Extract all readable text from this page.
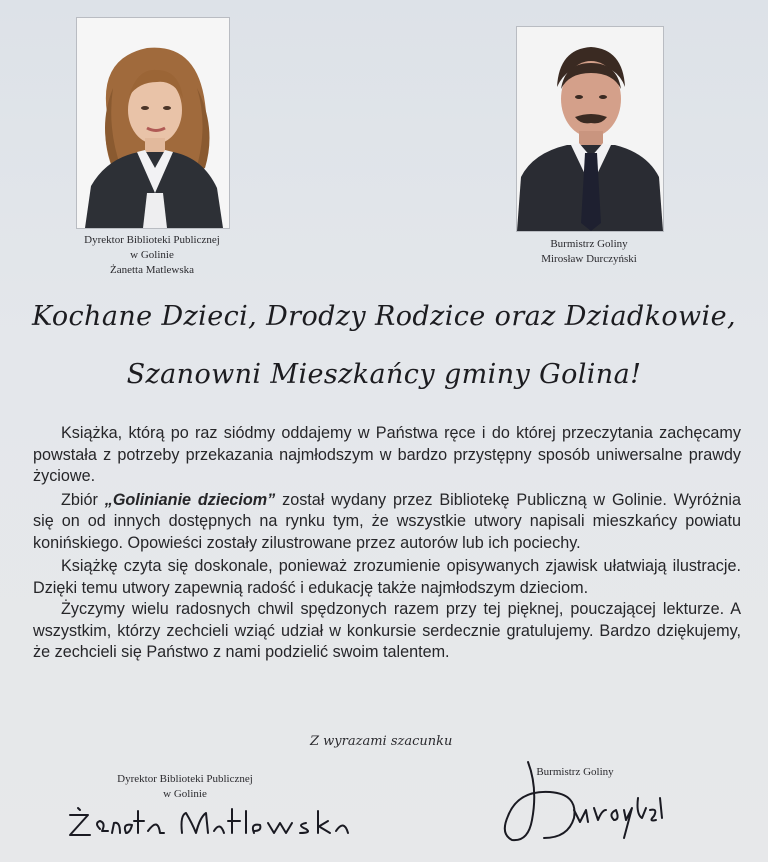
Dyrektor Biblioteki Publicznej
w Golinie
Żanetta Matlewska
Burmistrz Goliny
Mirosław Durczyński
Kochane Dzieci, Drodzy Rodzice oraz Dziadkowie,
Szanowni Mieszkańcy gminy Golina!

Książka, którą po raz siódmy oddajemy w Państwa ręce i do której przeczytania zachęcamy powstała z potrzeby przekazania najmłodszym w bardzo przystępny sposób uniwersalne prawdy życiowe.

Zbiór „Golinianie dzieciom” został wydany przez Bibliotekę Publiczną w Golinie. Wyróżnia się on od innych dostępnych na rynku tym, że wszystkie utwory napisali mieszkańcy powiatu konińskiego. Opowieści zostały zilustrowane przez autorów lub ich pociechy.

Książkę czyta się doskonale, ponieważ zrozumienie opisywanych zjawisk ułatwiają ilustracje. Dzięki temu utwory zapewnią radość i edukację także najmłodszym dzieciom.

Życzymy wielu radosnych chwil spędzonych razem przy tej pięknej, pouczającej lekturze. A wszystkim, którzy zechcieli wziąć udział w konkursie serdecznie gratulujemy. Bardzo dziękujemy, że zechcieli się Państwo z nami podzielić swoim talentem.

Z wyrazami szacunku
Dyrektor Biblioteki Publicznej
w Golinie
Burmistrz Goliny
